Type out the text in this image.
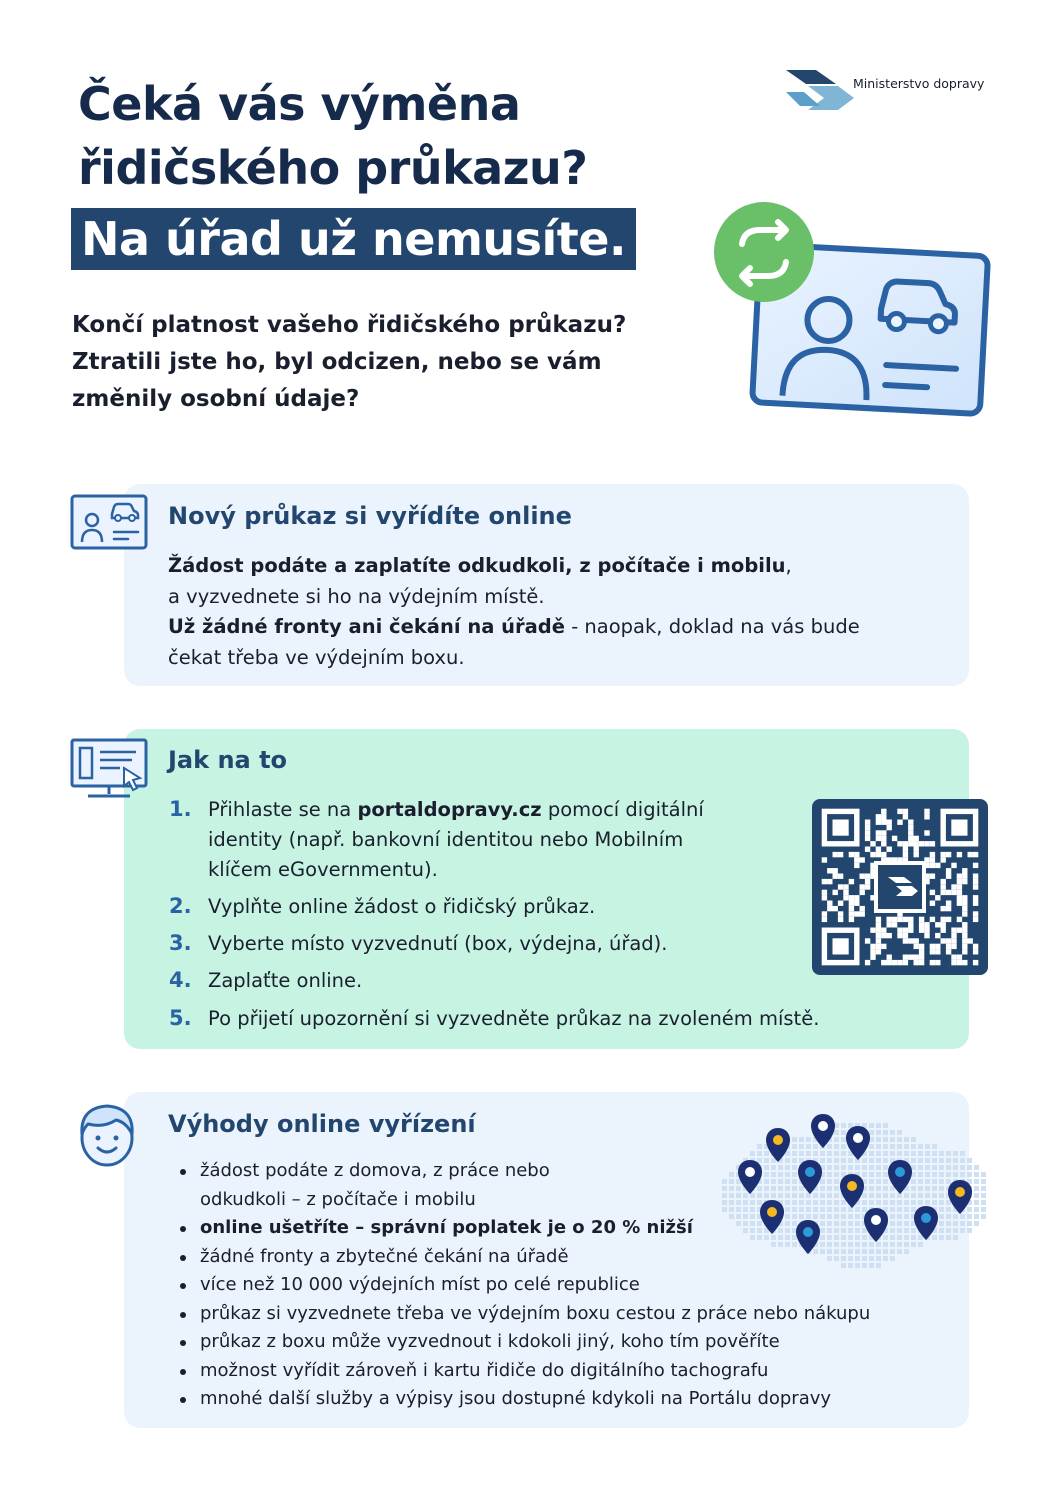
Čeká vás výměna
řidičského průkazu?
Na úřad už nemusíte.
Ministerstvo dopravy
Končí platnost vašeho řidičského průkazu?
Ztratili jste ho, byl odcizen, nebo se vám
změnily osobní údaje?
Nový průkaz si vyřídíte online
Žádost podáte a zaplatíte odkudkoli, z počítače i mobilu,
a vyzvednete si ho na výdejním místě.
Už žádné fronty ani čekání na úřadě - naopak, doklad na vás bude
čekat třeba ve výdejním boxu.
Jak na to
1. Přihlaste se na portaldopravy.cz pomocí digitální
identity (např. bankovní identitou nebo Mobilním
klíčem eGovernmentu).
2. Vyplňte online žádost o řidičský průkaz.
3. Vyberte místo vyzvednutí (box, výdejna, úřad).
4. Zaplaťte online.
5. Po přijetí upozornění si vyzvedněte průkaz na zvoleném místě.
Výhody online vyřízení
žádost podáte z domova, z práce nebo
odkudkoli – z počítače i mobilu
online ušetříte – správní poplatek je o 20 % nižší
žádné fronty a zbytečné čekání na úřadě
více než 10 000 výdejních míst po celé republice
průkaz si vyzvednete třeba ve výdejním boxu cestou z práce nebo nákupu
průkaz z boxu může vyzvednout i kdokoli jiný, koho tím pověříte
možnost vyřídit zároveň i kartu řidiče do digitálního tachografu
mnohé další služby a výpisy jsou dostupné kdykoli na Portálu dopravy
